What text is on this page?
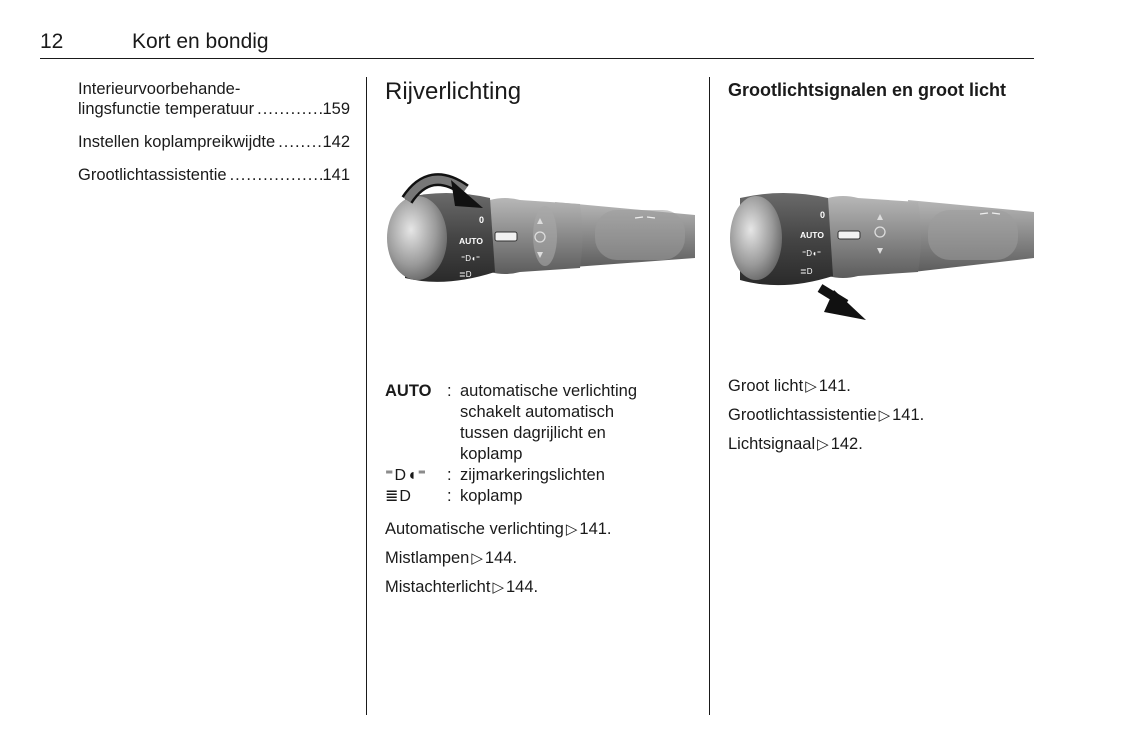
12	Kort en bondig
Interieurvoorbehande-
lingsfunctie temperatuur .....	159
Instellen koplampreikwijdte .....	142
Grootlichtassistentie .....	141
Rijverlichting
0
AUTO
⁼D◖⁼
≣D
AUTO : automatische verlichting
schakelt automatisch
tussen dagrijlicht en
koplamp
⁼D◖⁼	: zijmarkeringslichten
≣D	: koplamp
Automatische verlichting ▷ 141.
Mistlampen ▷ 144.
Mistachterlicht ▷ 144.
Grootlichtsignalen en groot licht
0
AUTO
⁼D◖⁼
≣D
Groot licht ▷ 141.
Grootlichtassistentie ▷ 141.
Lichtsignaal ▷ 142.
